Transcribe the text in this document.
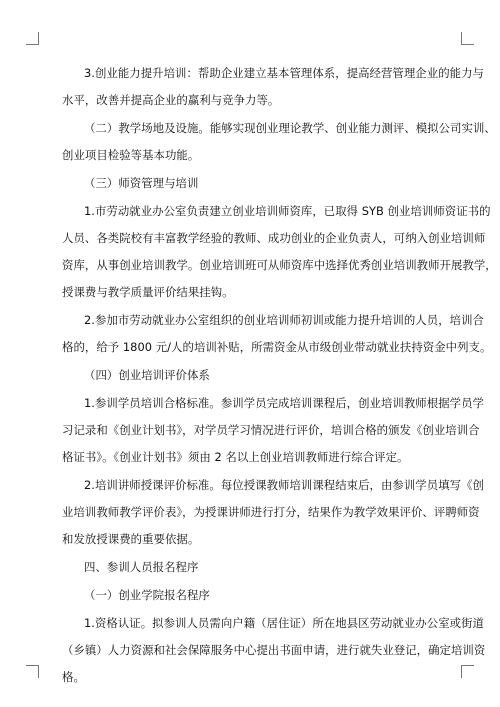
3.创业能力提升培训：帮助企业建立基本管理体系，提高经营管理企业的能力与
水平，改善并提高企业的赢利与竞争力等。
（二）教学场地及设施。能够实现创业理论教学、创业能力测评、模拟公司实训、
创业项目检验等基本功能。
（三）师资管理与培训
1.市劳动就业办公室负责建立创业培训师资库，已取得 SYB 创业培训师资证书的
人员、各类院校有丰富教学经验的教师、成功创业的企业负责人，可纳入创业培训师
资库，从事创业培训教学。创业培训班可从师资库中选择优秀创业培训教师开展教学，
授课费与教学质量评价结果挂钩。
2.参加市劳动就业办公室组织的创业培训师初训或能力提升培训的人员，培训合
格的，给予 1800 元/人的培训补贴，所需资金从市级创业带动就业扶持资金中列支。
（四）创业培训评价体系
1.参训学员培训合格标准。参训学员完成培训课程后，创业培训教师根据学员学
习记录和《创业计划书》，对学员学习情况进行评价，培训合格的颁发《创业培训合
格证书》。《创业计划书》须由 2 名以上创业培训教师进行综合评定。
2.培训讲师授课评价标准。每位授课教师培训课程结束后，由参训学员填写《创
业培训教师教学评价表》，为授课讲师进行打分，结果作为教学效果评价、评聘师资
和发放授课费的重要依据。
四、参训人员报名程序
（一）创业学院报名程序
1.资格认证。拟参训人员需向户籍（居住证）所在地县区劳动就业办公室或街道
（乡镇）人力资源和社会保障服务中心提出书面申请，进行就失业登记，确定培训资
格。
